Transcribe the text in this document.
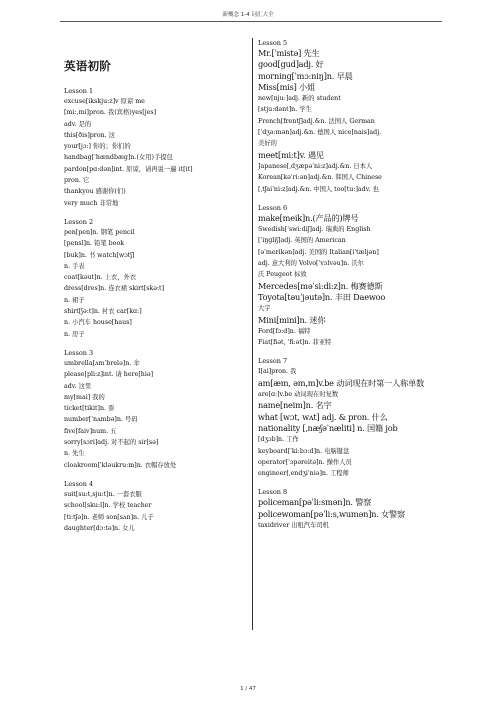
新概念 1-4 词汇大全
英语初阶
Lesson 1
excuse[ikskju:z]v 原谅 me
[mi:,mi]pron. 我(宾格)yes[jes]
adv. 是的
this[ðis]pron. 这
your[jɔ:] 你的；你们的
handbag[ˈhændbæg]n.(女用)手提包
pardon[pɑ:dən]int. 原谅，请再说一遍 it[it]
pron. 它
thankyou 感谢你(们)
very much 非常地
Lesson 2
pen[pen]n. 钢笔 pencil
[pensl]n. 铅笔 book
[buk]n. 书 watch[wɔtʃ]
n. 手表
coat[kəut]n. 上衣，外衣
dress[dres]n. 连衣裙 skirt[skə:t]
n. 裙子
shirt[ʃə:t]n. 衬衣 car[kɑ:]
n. 小汽车 house[haus]
n. 房子
Lesson 3
umbrella[ʌmˈbrelə]n. 伞
please[pli:z]int. 请 here[hiə]
adv. 这里
my[mai] 我的
ticket[tikit]n. 票
number[ˈnʌmbə]n. 号码
five[faiv]num. 五
sorry[sɔri]adj. 对不起的 sir[sə]
n. 先生
cloakroom[ˈkləukru:m]n. 衣帽存放处
Lesson 4
suit[su:t,sju:t]n. 一套衣服
school[sku:l]n. 学校 teacher
[ti:tʃə]n. 老师 son[sʌn]n. 儿子
daughter[dɔ:tə]n. 女儿
Lesson 5
Mr.[ˈmistə] 先生
good[gud]adj. 好
morning[ˈmɔ:niŋ]n. 早晨
Miss[mis] 小姐
new[nju:]adj. 新的 student
[stju:dənt]n. 学生
French[frentʃ]adj.&n. 法国人 German
[ˈdʒə:mən]adj.&n. 德国人 nice[nais]adj.
美好的
meet[mi:t]v. 遇见
Japanese[ˌdʒæpəˈni:z]adj.&n. 日本人
Korean[kəˈri:ən]adj.&n. 韩国人 Chinese
[ˌtʃaiˈni:z]adj.&n. 中国人 too[tu:]adv. 也
Lesson 6
make[meik]n.(产品的)牌号
Swedish[ˈswi:diʃ]adj. 瑞典的 English
[ˈiŋgliʃ]adj. 英国的 American
[əˈmerikən]adj. 美国的 Italian[iˈtæljən]
adj. 意大利的 Volvo[ˈvɔlvəu]n. 沃尔
沃 Peugeot 标致
Mercedes[məˈsi:di:z]n. 梅赛德斯
Toyota[təuˈjəutə]n. 丰田 Daewoo
大宇
Mini[mini]n. 迷你
Ford[fɔ:d]n. 福特
Fiat[fiət, ˈfi:ət]n. 菲亚特
Lesson 7
I[ai]pron. 我
am[æm, əm,m]v.be 动词现在时第一人称单数
are[ɑ:]v.be 动词现在时复数
name[neim]n. 名字
what [wɔt, wʌt] adj. & pron. 什么
nationality [ˌnæʃəˈnæliti] n. 国籍 job
[dʒɔb]n. 工作
keyboard[ˈki:bɔ:d]n. 电脑键盘
operator[ˈɔpəreitə]n. 操作人员
engineer[ˌendʒiˈniə]n. 工程师
Lesson 8
policeman[pəˈli:smən]n. 警察
policewoman[pəˈli:s,wumən]n. 女警察
taxidriver 出租汽车司机
1 / 47
